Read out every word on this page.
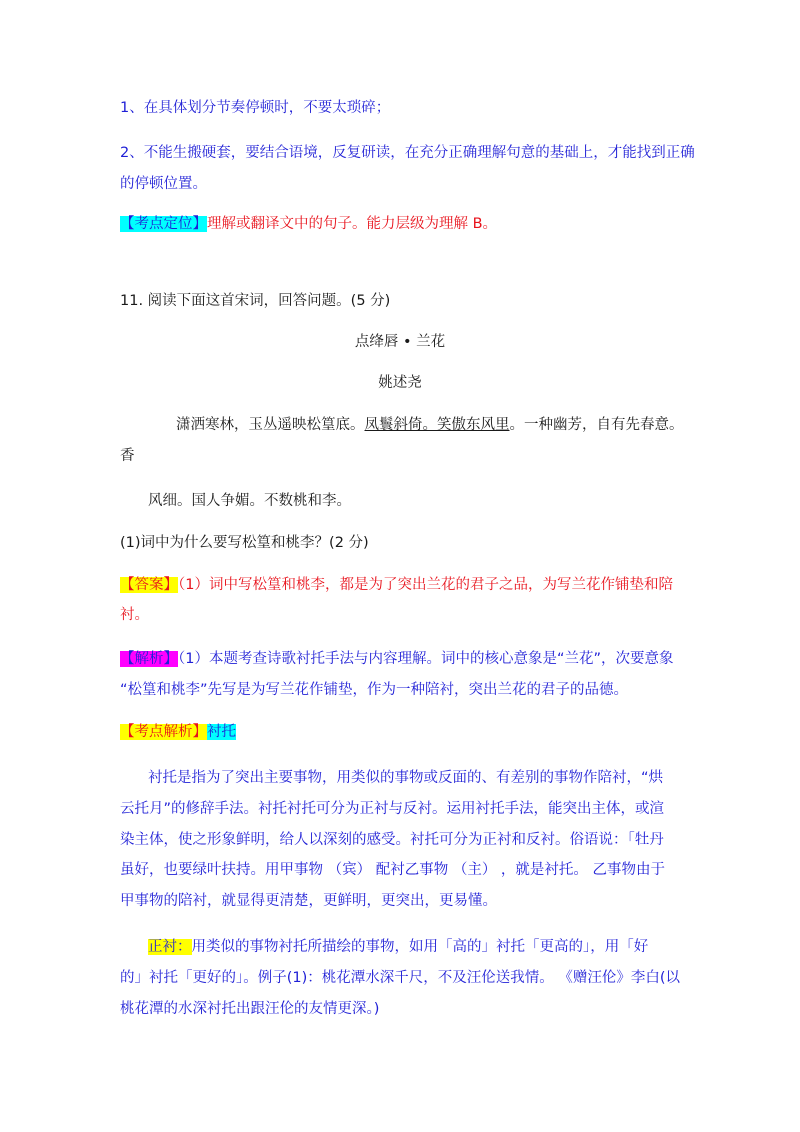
1、在具体划分节奏停顿时，不要太琐碎；
2、不能生搬硬套，要结合语境，反复研读，在充分正确理解句意的基础上，才能找到正确
的停顿位置。
【考点定位】理解或翻译文中的句子。能力层级为理解 B。
11. 阅读下面这首宋词，回答问题。(5 分)
点绛唇 • 兰花
姚述尧
潇洒寒林，玉丛遥映松篁底。凤鬟斜倚。笑傲东风里。一种幽芳，自有先春意。
香
风细。国人争媚。不数桃和李。
(1)词中为什么要写松篁和桃李？(2 分)
【答案】（1）词中写松篁和桃李，都是为了突出兰花的君子之品，为写兰花作铺垫和陪
衬。
【解析】（1）本题考查诗歌衬托手法与内容理解。词中的核心意象是“兰花”，次要意象
“松篁和桃李”先写是为写兰花作铺垫，作为一种陪衬，突出兰花的君子的品德。
【考点解析】衬托
衬托是指为了突出主要事物，用类似的事物或反面的、有差别的事物作陪衬，“烘
云托月”的修辞手法。衬托衬托可分为正衬与反衬。运用衬托手法，能突出主体，或渲
染主体，使之形象鲜明，给人以深刻的感受。衬托可分为正衬和反衬。俗语说：「牡丹
虽好，也要绿叶扶持。用甲事物 （宾） 配衬乙事物 （主） ，就是衬托。 乙事物由于
甲事物的陪衬，就显得更清楚，更鲜明，更突出，更易懂。
正衬：用类似的事物衬托所描绘的事物，如用「高的」衬托「更高的」，用「好
的」衬托「更好的」。例子(1)：桃花潭水深千尺，不及汪伦送我情。 《赠汪伦》李白(以
桃花潭的水深衬托出跟汪伦的友情更深。)
